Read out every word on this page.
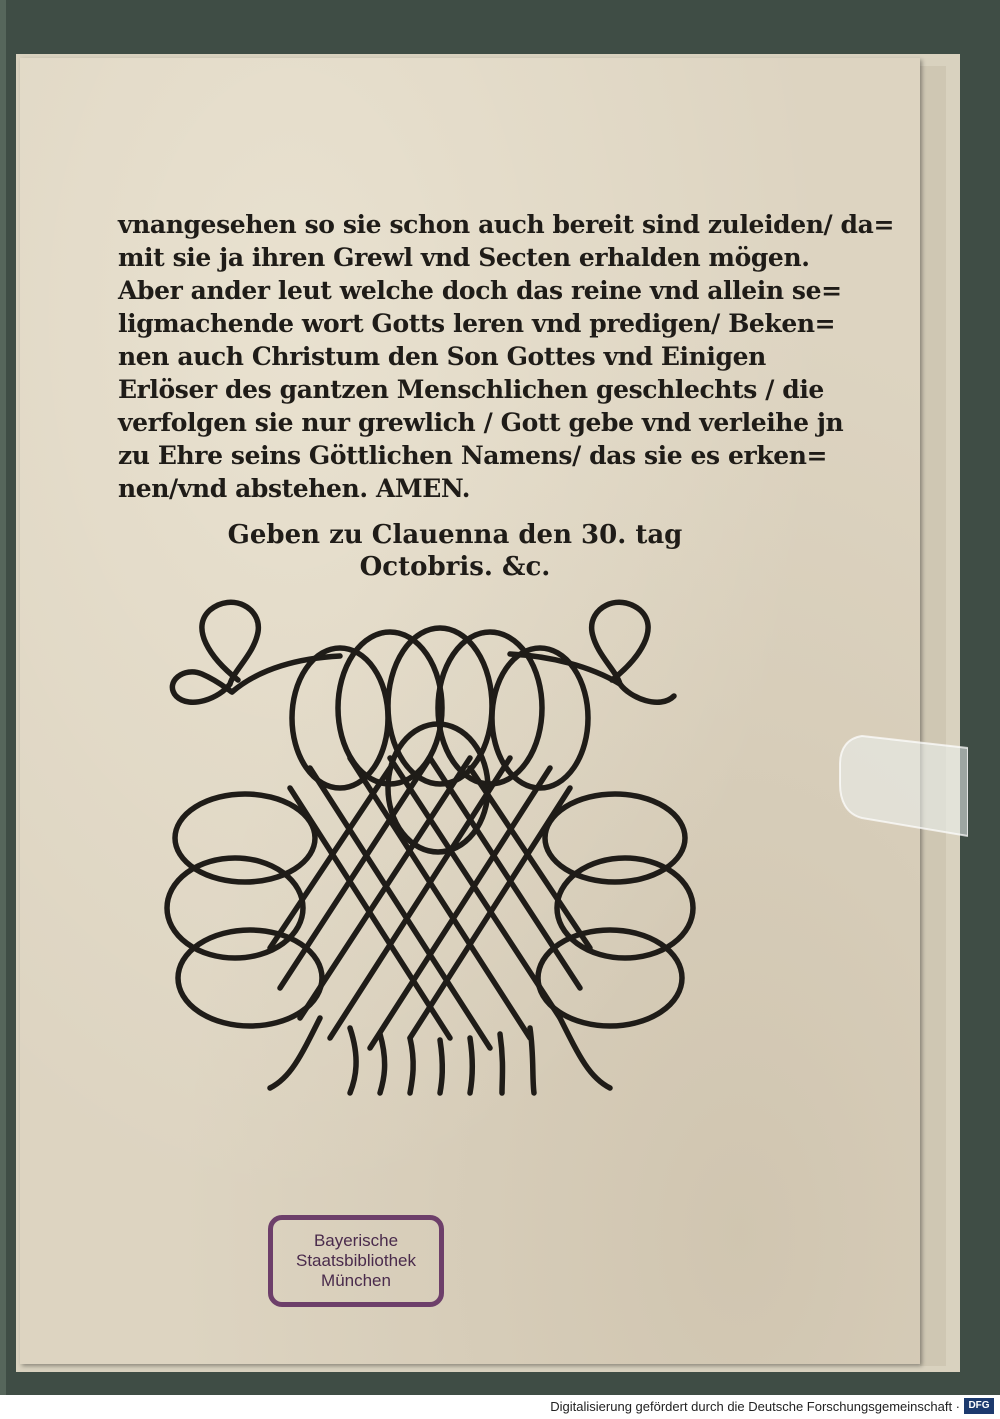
vnangesehen so sie schon auch bereit sind zuleiden/ da=
mit sie ja ihren Grewl vnd Secten erhalden mögen.
Aber ander leut welche doch das reine vnd allein se=
ligmachende wort Gotts leren vnd predigen/ Beken=
nen auch Christum den Son Gottes vnd Einigen
Erlöser des gantzen Menschlichen geschlechts / die
verfolgen sie nur grewlich / Gott gebe vnd verleihe jn
zu Ehre seins Göttlichen Namens/ das sie es erken=
nen/vnd abstehen. AMEN.
Geben zu Clauenna den 30. tag
Octobris. &c.
Bayerische
Staatsbibliothek
München
Digitalisierung gefördert durch die Deutsche Forschungsgemeinschaft · DFG
